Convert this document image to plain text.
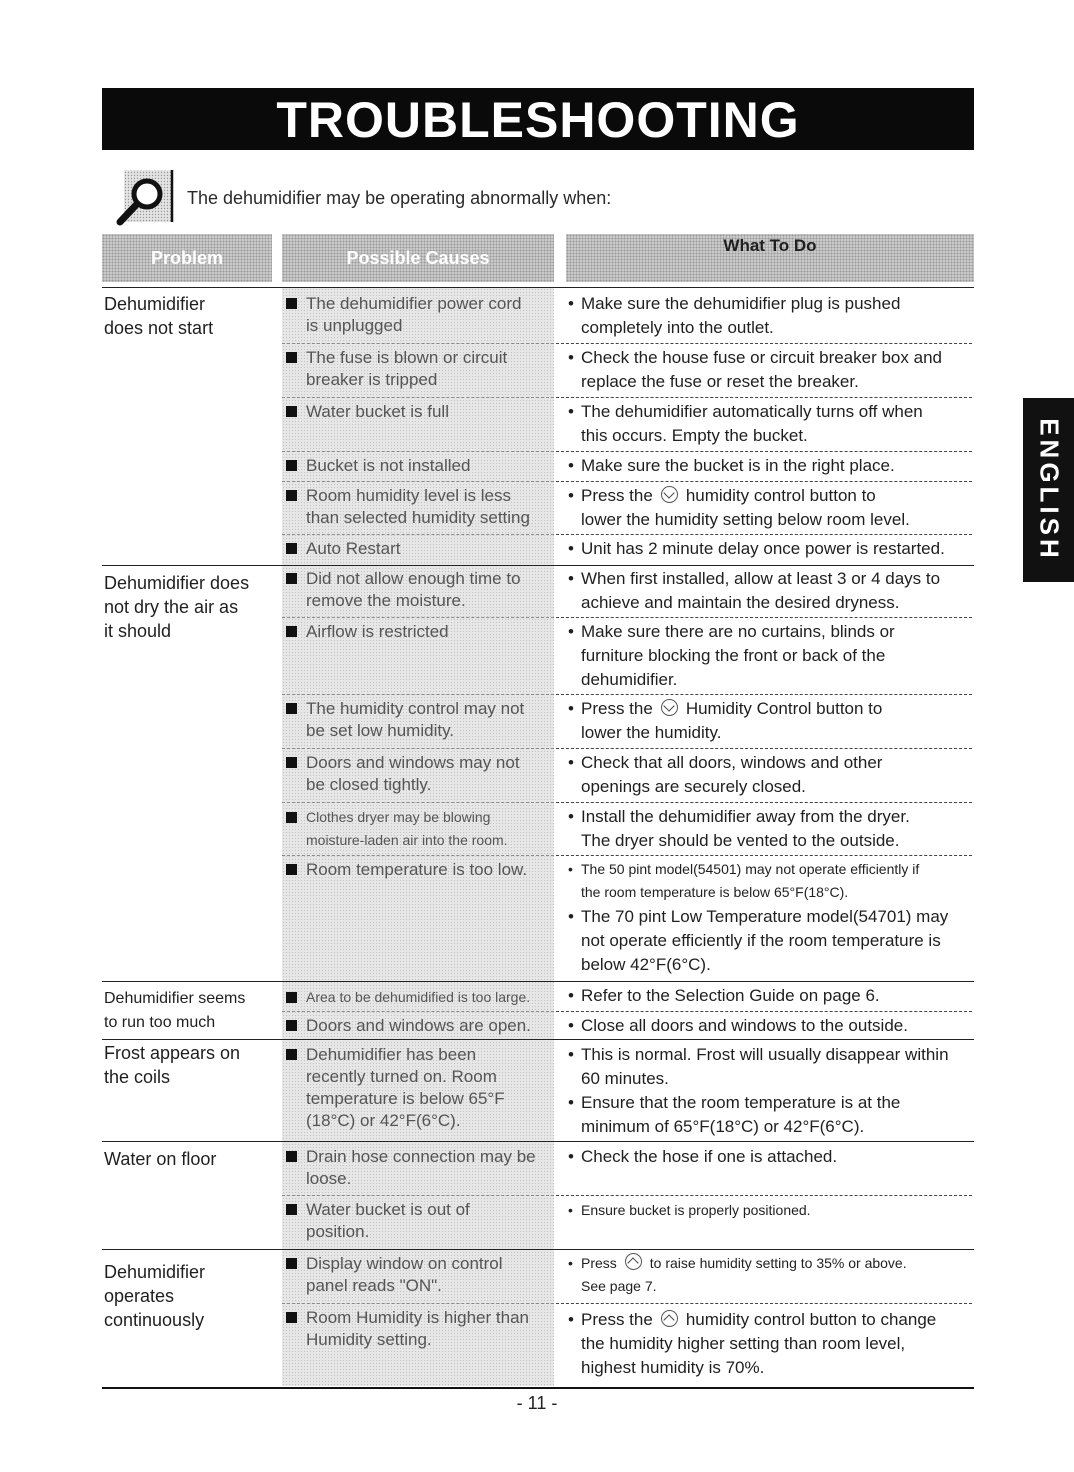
TROUBLESHOOTING
The dehumidifier may be operating abnormally when:
Problem	Possible Causes
What To Do
Dehumidifier
does not start
Dehumidifier does
not dry the air as
it should
Dehumidifier seems
to run too much
Frost appears on
the coils
Water on floor
Dehumidifier
operates
continuously
The dehumidifier power cord
is unplugged
The fuse is blown or circuit
breaker is tripped
Water bucket is full
Bucket is not installed
Room humidity level is less
than selected humidity setting
Auto Restart
Did not allow enough time to
remove the moisture.
Airflow is restricted
The humidity control may not
be set low humidity.
Doors and windows may not
be closed tightly.
Clothes dryer may be blowing
moisture-laden air into the room.
Room temperature is too low.
Area to be dehumidified is too large.
Doors and windows are open.
Dehumidifier has been
recently turned on. Room
temperature is below 65°F
(18°C) or 42°F(6°C).
Drain hose connection may be
loose.
Water bucket is out of
position.
Display window on control
panel reads "ON".
Room Humidity is higher than
Humidity setting.
• Make sure the dehumidifier plug is pushed
completely into the outlet.
• Check the house fuse or circuit breaker box and
replace the fuse or reset the breaker.
• The dehumidifier automatically turns off when
this occurs. Empty the bucket.
• Make sure the bucket is in the right place.
• Press the humidity control button to
lower the humidity setting below room level.
• Unit has 2 minute delay once power is restarted.
• When first installed, allow at least 3 or 4 days to
achieve and maintain the desired dryness.
• Make sure there are no curtains, blinds or
furniture blocking the front or back of the
dehumidifier.
• Press the Humidity Control button to
lower the humidity.
• Check that all doors, windows and other
openings are securely closed.
• Install the dehumidifier away from the dryer.
The dryer should be vented to the outside.
• The 50 pint model(54501) may not operate efficiently if
the room temperature is below 65°F(18°C).
• The 70 pint Low Temperature model(54701) may
not operate efficiently if the room temperature is
below 42°F(6°C).
• Refer to the Selection Guide on page 6.
• Close all doors and windows to the outside.
• This is normal. Frost will usually disappear within
60 minutes.
• Ensure that the room temperature is at the
minimum of 65°F(18°C) or 42°F(6°C).
• Check the hose if one is attached.
• Ensure bucket is properly positioned.
• Press to raise humidity setting to 35% or above.
See page 7.
• Press the humidity control button to change
the humidity higher setting than room level,
highest humidity is 70%.
ENGLISH
- 11 -
